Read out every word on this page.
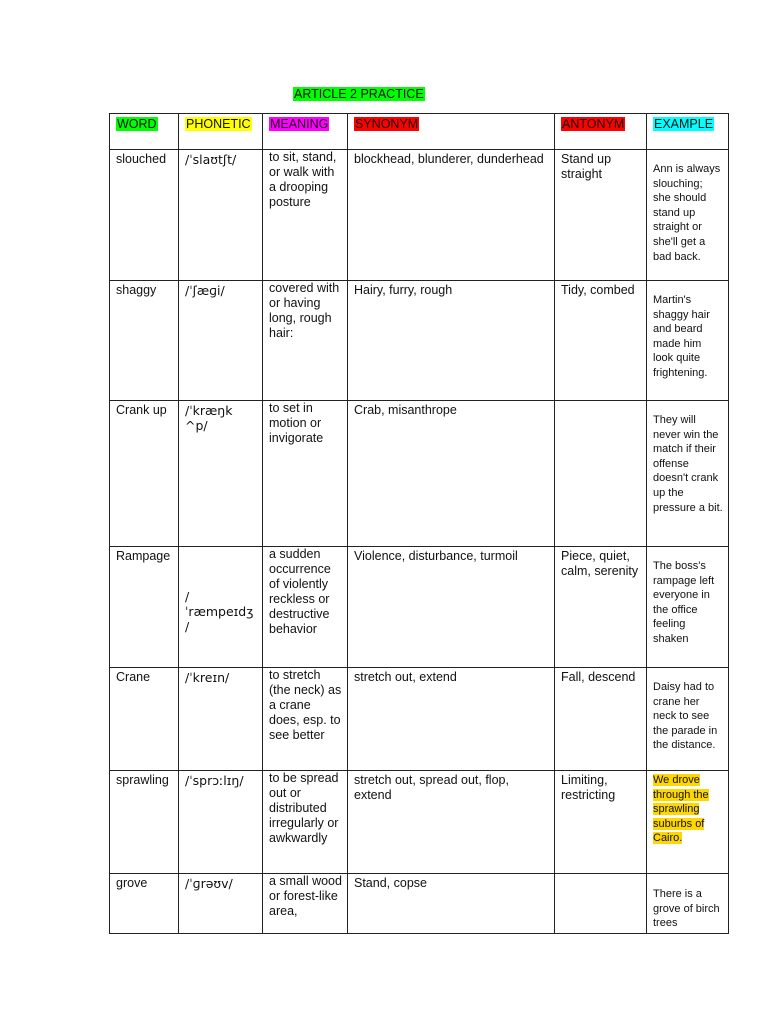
ARTICLE 2 PRACTICE
WORD	PHONETIC	MEANING	SYNONYM	ANTONYM	EXAMPLE
slouched	/ˈslaʊtʃt/	to sit, stand, or walk with a drooping posture	blockhead, blunderer, dunderhead	Stand up straight	Ann is always slouching; she should stand up straight or she'll get a bad back.
shaggy	/ˈʃæɡi/	covered with or having long, rough hair:	Hairy, furry, rough	Tidy, combed	Martin's shaggy hair and beard made him look quite frightening.
Crank up	/ˈkræŋk ^p/	to set in motion or invigorate	Crab, misanthrope		They will never win the match if their offense doesn't crank up the pressure a bit.
Rampage	/ˈræmpeɪdʒ/	a sudden occurrence of violently reckless or destructive behavior	Violence, disturbance, turmoil	Piece, quiet, calm, serenity	The boss's rampage left everyone in the office feeling shaken
Crane	/ˈkreɪn/	to stretch (the neck) as a crane does, esp. to see better	stretch out, extend	Fall, descend	Daisy had to crane her neck to see the parade in the distance.
sprawling	/ˈsprɔːlɪŋ/	to be spread out or distributed irregularly or awkwardly	stretch out, spread out, flop, extend	Limiting, restricting	We drove through the sprawling suburbs of Cairo.
grove	/ˈɡrəʊv/	a small wood or forest-like area,	Stand, copse		There is a grove of birch trees
